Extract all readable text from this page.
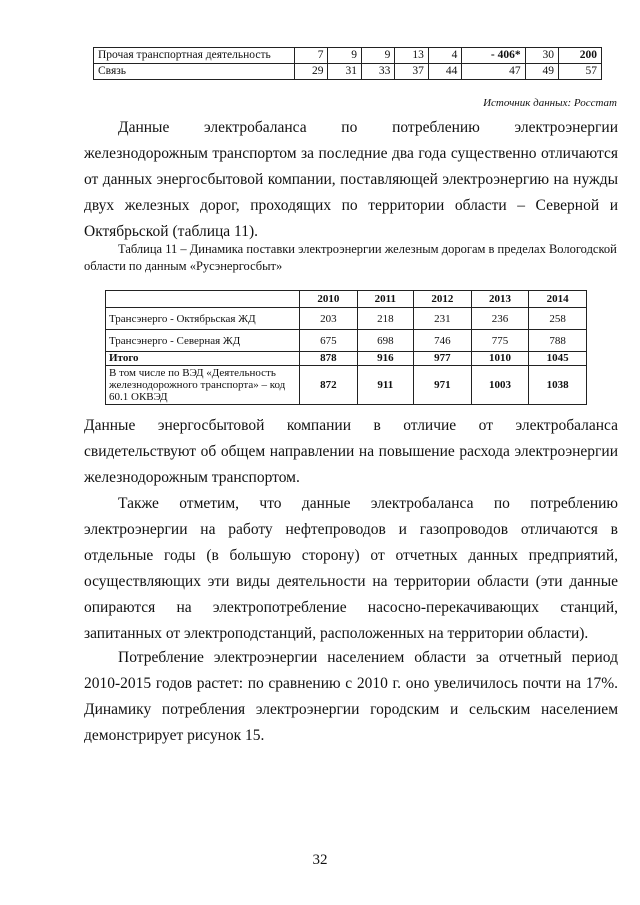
Прочая транспортная деятельность	7	9	9	13	4	- 406*	30	200
Связь	29	31	33	37	44	47	49	57
Источник данных: Росстат
Данные электробаланса по потреблению электроэнергии железнодорожным транспортом за последние два года существенно отличаются от данных энергосбытовой компании, поставляющей электроэнергию на нужды двух железных дорог, проходящих по территории области – Северной и Октябрьской (таблица 11).
Таблица 11 – Динамика поставки электроэнергии железным дорогам в пределах Вологодской области по данным «Русэнергосбыт»
	2010	2011	2012	2013	2014
Трансэнерго - Октябрьская ЖД	203	218	231	236	258
Трансэнерго - Северная ЖД	675	698	746	775	788
Итого	878	916	977	1010	1045
В том числе по ВЭД «Деятельность железнодорожного транспорта» – код 60.1 ОКВЭД	872	911	971	1003	1038
Данные энергосбытовой компании в отличие от электробаланса свидетельствуют об общем направлении на повышение расхода электроэнергии железнодорожным транспортом.
Также отметим, что данные электробаланса по потреблению электроэнергии на работу нефтепроводов и газопроводов отличаются в отдельные годы (в большую сторону) от отчетных данных предприятий, осуществляющих эти виды деятельности на территории области (эти данные опираются на электропотребление насосно-перекачивающих станций, запитанных от электроподстанций, расположенных на территории области).
Потребление электроэнергии населением области за отчетный период 2010-2015 годов растет: по сравнению с 2010 г. оно увеличилось почти на 17%. Динамику потребления электроэнергии городским и сельским населением демонстрирует рисунок 15.
32
